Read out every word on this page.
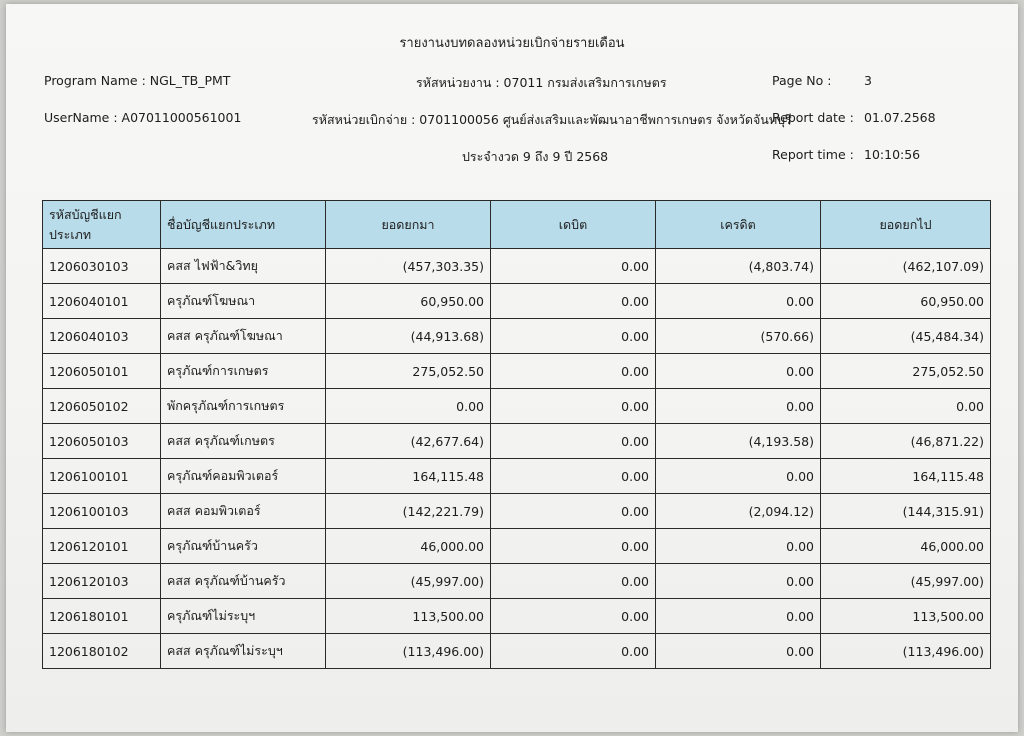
รายงานงบทดลองหน่วยเบิกจ่ายรายเดือน
Program Name : NGL_TB_PMT	รหัสหน่วยงาน : 07011 กรมส่งเสริมการเกษตร	Page No :	3
UserName : A07011000561001	รหัสหน่วยเบิกจ่าย : 0701100056 ศูนย์ส่งเสริมและพัฒนาอาชีพการเกษตร จังหวัดจันทบุรี
Report date : 01.07.2568
ประจำงวด 9 ถึง 9 ปี 2568	Report time : 10:10:56
รหัสบัญชีแยกประเภท	ชื่อบัญชีแยกประเภท	ยอดยกมา	เดบิต	เครดิต	ยอดยกไป
1206030103	คสส ไฟฟ้า&วิทยุ	(457,303.35)	0.00	(4,803.74)	(462,107.09)
1206040101	ครุภัณฑ์โฆษณา	60,950.00	0.00	0.00	60,950.00
1206040103	คสส ครุภัณฑ์โฆษณา	(44,913.68)	0.00	(570.66)	(45,484.34)
1206050101	ครุภัณฑ์การเกษตร	275,052.50	0.00	0.00	275,052.50
1206050102	พักครุภัณฑ์การเกษตร	0.00	0.00	0.00	0.00
1206050103	คสส ครุภัณฑ์เกษตร	(42,677.64)	0.00	(4,193.58)	(46,871.22)
1206100101	ครุภัณฑ์คอมพิวเตอร์	164,115.48	0.00	0.00	164,115.48
1206100103	คสส คอมพิวเตอร์	(142,221.79)	0.00	(2,094.12)	(144,315.91)
1206120101	ครุภัณฑ์บ้านครัว	46,000.00	0.00	0.00	46,000.00
1206120103	คสส ครุภัณฑ์บ้านครัว	(45,997.00)	0.00	0.00	(45,997.00)
1206180101	ครุภัณฑ์ไม่ระบุฯ	113,500.00	0.00	0.00	113,500.00
1206180102	คสส ครุภัณฑ์ไม่ระบุฯ	(113,496.00)	0.00	0.00	(113,496.00)
